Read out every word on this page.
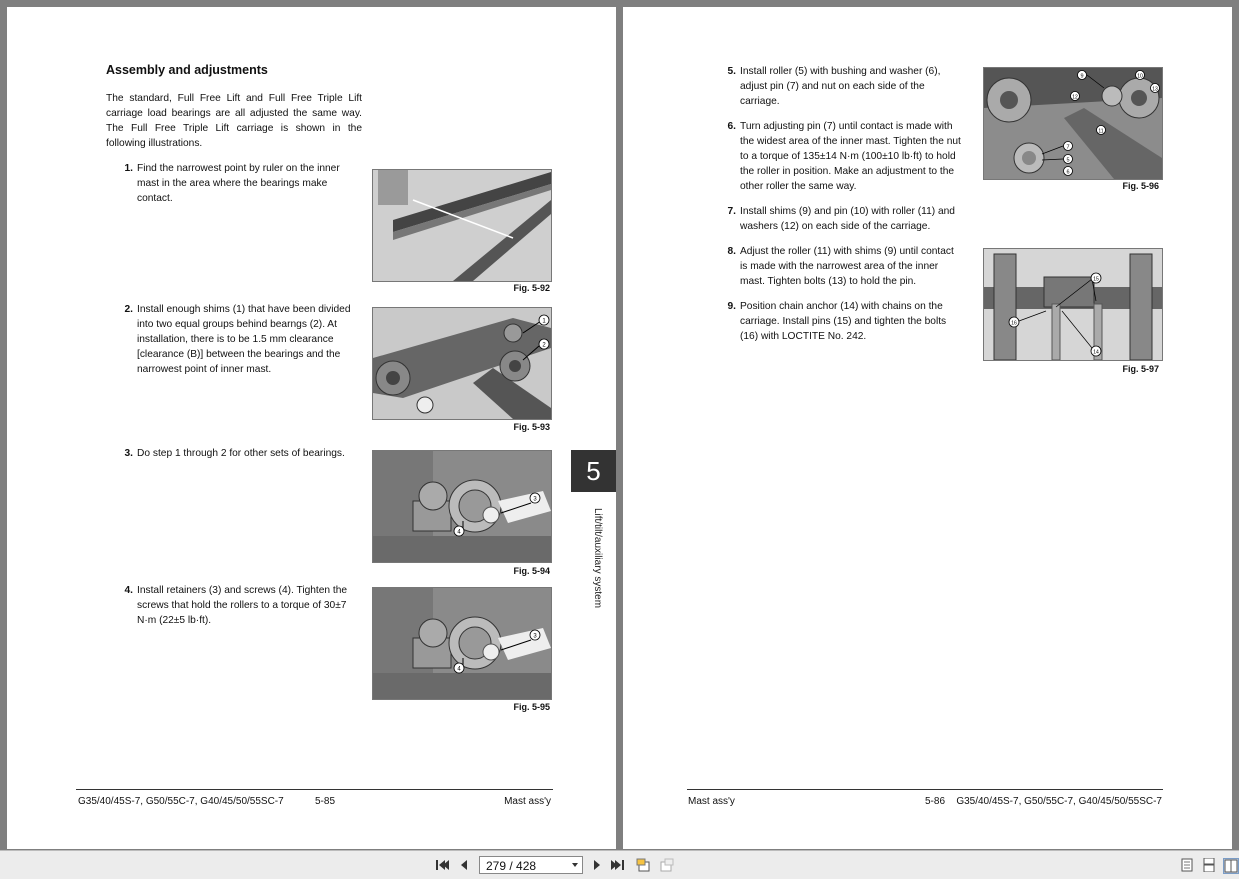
Assembly and adjustments
The standard, Full Free Lift and Full Free Triple Lift carriage load bearings are all adjusted the same way. The Full Free Triple Lift carriage is shown in the following illustrations.
1. Find the narrowest point by ruler on the inner
mast in the area where the bearings make
contact.
2. Install enough shims (1) that have been divided
into two equal groups behind bearngs (2). At
installation, there is to be 1.5 mm clearance
[clearance (B)] between the bearings and the
narrowest point of inner mast.
3. Do step 1 through 2 for other sets of bearings.
4. Install retainers (3) and screws (4). Tighten the
screws that hold the rollers to a torque of 30±7
N·m (22±5 lb·ft).
Fig. 5-92
1
2
Fig. 5-93
3
4
Fig. 5-94
3
4
Fig. 5-95
G35/40/45S-7, G50/55C-7, G40/45/50/55SC-7	5-85	Mast ass'y
5
Lift/tilt/auxiliary system
5. Install roller (5) with bushing and washer (6),
adjust pin (7) and nut on each side of the
carriage.
6. Turn adjusting pin (7) until contact is made with
the widest area of the inner mast. Tighten the nut
to a torque of 135±14 N·m (100±10 lb·ft) to hold
the roller in position. Make an adjustment to the
other roller the same way.
7. Install shims (9) and pin (10) with roller (11) and
washers (12) on each side of the carriage.
8. Adjust the roller (11) with shims (9) until contact
is made with the narrowest area of the inner
mast. Tighten bolts (13) to hold the pin.
9. Position chain anchor (14) with chains on the
carriage. Install pins (15) and tighten the bolts
(16) with LOCTITE No. 242.
9	10
12
13
11
7
5
6
Fig. 5-96
15
16
14
Fig. 5-97
Mast ass'y	5-86 G35/40/45S-7, G50/55C-7, G40/45/50/55SC-7
279 / 428
